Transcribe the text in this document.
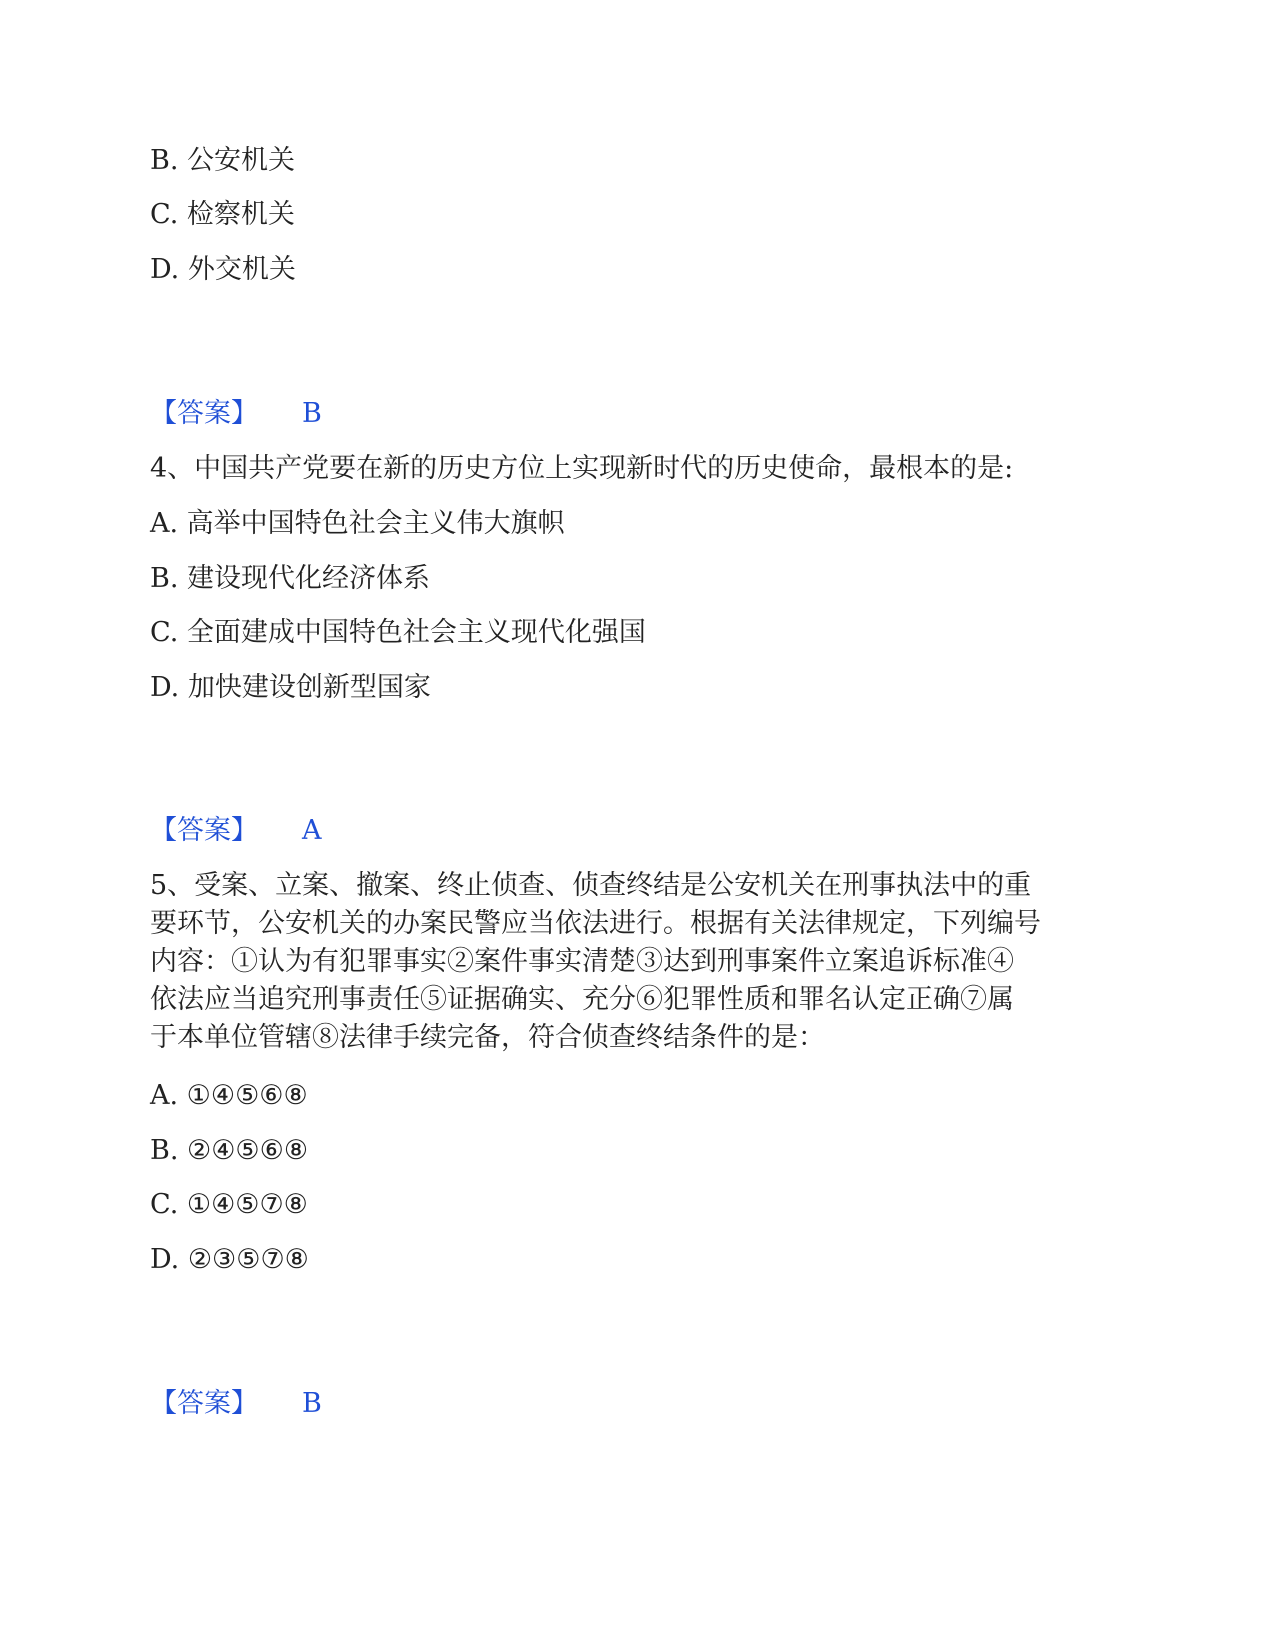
B. 公安机关
C. 检察机关
D. 外交机关
【答案】 B
4、中国共产党要在新的历史方位上实现新时代的历史使命，最根本的是:
A. 高举中国特色社会主义伟大旗帜
B. 建设现代化经济体系
C. 全面建成中国特色社会主义现代化强国
D. 加快建设创新型国家
【答案】 A
5、受案、立案、撤案、终止侦查、侦查终结是公安机关在刑事执法中的重
要环节，公安机关的办案民警应当依法进行。根据有关法律规定，下列编号
内容：①认为有犯罪事实②案件事实清楚③达到刑事案件立案追诉标准④
依法应当追究刑事责任⑤证据确实、充分⑥犯罪性质和罪名认定正确⑦属
于本单位管辖⑧法律手续完备，符合侦查终结条件的是：
A. ①④⑤⑥⑧
B. ②④⑤⑥⑧
C. ①④⑤⑦⑧
D. ②③⑤⑦⑧
【答案】 B
